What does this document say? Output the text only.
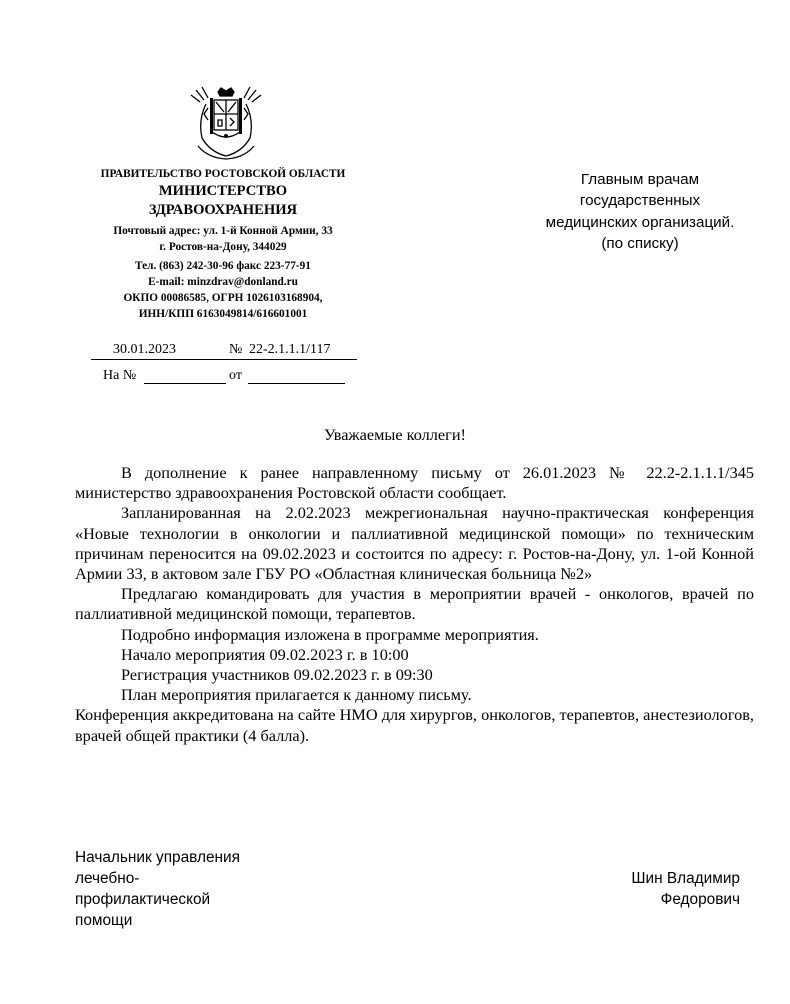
ПРАВИТЕЛЬСТВО РОСТОВСКОЙ ОБЛАСТИ
МИНИСТЕРСТВО
ЗДРАВООХРАНЕНИЯ
Почтовый адрес: ул. 1-й Конной Армии, 33
г. Ростов-на-Дону, 344029
Тел. (863) 242-30-96 факс 223-77-91
E-mail: minzdrav@donland.ru
ОКПО 00086585, ОГРН 1026103168904,
ИНН/КПП 6163049814/616601001
30.01.2023	№ 22-2.1.1.1/117
На №	от
Главным врачам
государственных
медицинских организаций.
(по списку)
Уважаемые коллеги!

В дополнение к ранее направленному письму от 26.01.2023 № 22.2-2.1.1.1/345 министерство здравоохранения Ростовской области сообщает.

Запланированная на 2.02.2023 межрегиональная научно-практическая конференция «Новые технологии в онкологии и паллиативной медицинской помощи» по техническим причинам переносится на 09.02.2023 и состоится по адресу: г. Ростов-на-Дону, ул. 1-ой Конной Армии 33, в актовом зале ГБУ РО «Областная клиническая больница №2»

Предлагаю командировать для участия в мероприятии врачей - онкологов, врачей по паллиативной медицинской помощи, терапевтов.

Подробно информация изложена в программе мероприятия.

Начало мероприятия 09.02.2023 г. в 10:00

Регистрация участников 09.02.2023 г. в 09:30

План мероприятия прилагается к данному письму.

Конференция аккредитована на сайте НМО для хирургов, онкологов, терапевтов, анестезиологов, врачей общей практики (4 балла).

Начальник управления
лечебно-
профилактической
помощи
Шин Владимир
Федорович
